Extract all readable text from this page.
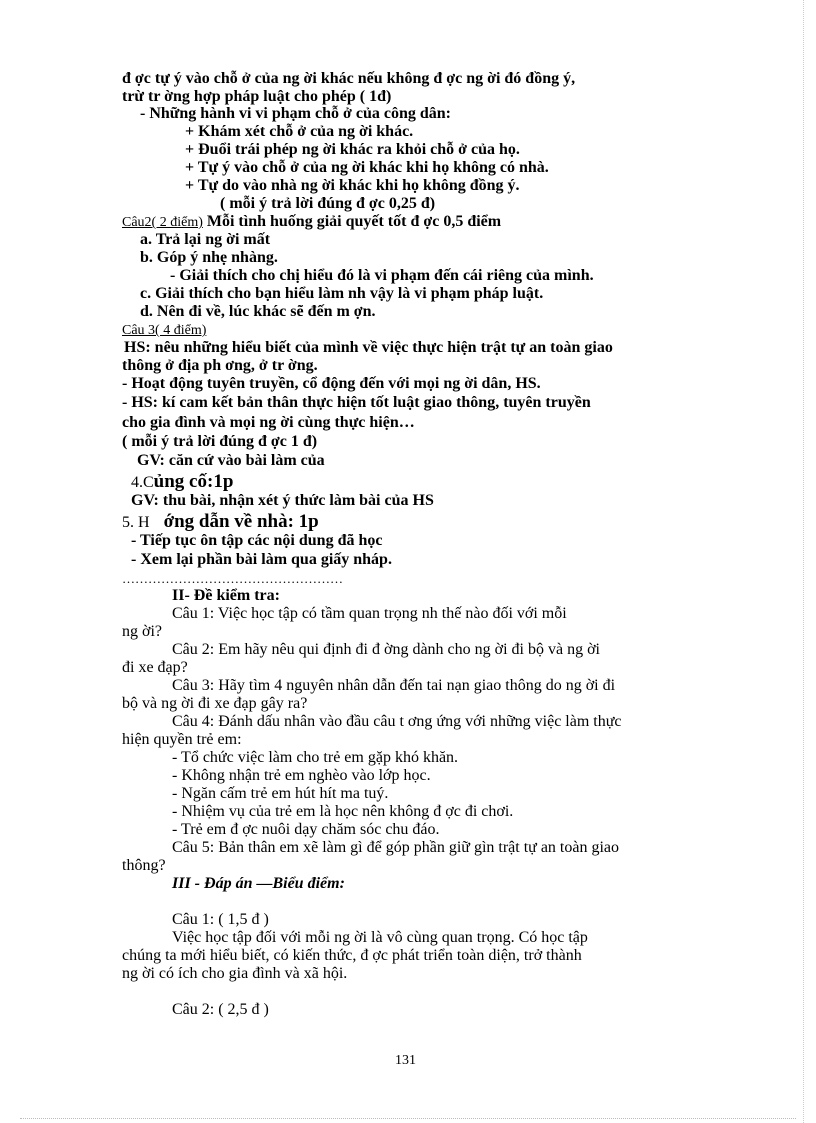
đ ợc tự ý vào chỗ ở của ng ời khác nếu không đ ợc ng ời đó đồng ý,
trừ tr ờng hợp pháp luật cho phép ( 1đ)
- Những hành vi vi phạm chỗ ở của công dân:
+ Khám xét chỗ ở của ng ời khác.
+ Đuổi trái phép ng ời khác ra khỏi chỗ ở của họ.
+ Tự ý vào chỗ ở của ng ời khác khi họ không có nhà.
+ Tự do vào nhà ng ời khác khi họ không đồng ý.
( mỗi ý trả lời đúng đ ợc 0,25 đ)
Câu2( 2 điểm) Mỗi tình huống giải quyết tốt đ ợc 0,5 điểm
a. Trả lại ng ời mất
b. Góp ý nhẹ nhàng.
- Giải thích cho chị hiểu đó là vi phạm đến cái riêng của mình.
c. Giải thích cho bạn hiểu làm nh vậy là vi phạm pháp luật.
d. Nên đi về, lúc khác sẽ đến m ợn.
Câu 3( 4 điểm)
HS: nêu những hiểu biết của mình về việc thực hiện trật tự an toàn giao
thông ở địa ph ơng, ở tr ờng.
- Hoạt động tuyên truyền, cổ động đến với mọi ng ời dân, HS.
- HS: kí cam kết bản thân thực hiện tốt luật giao thông, tuyên truyền
cho gia đình và mọi ng ời cùng thực hiện…
( mỗi ý trả lời đúng đ ợc 1 đ)
GV: căn cứ vào bài làm của
4.Củng cố:1p
GV: thu bài, nhận xét ý thức làm bài của HS
5. H ớng dẫn về nhà: 1p
- Tiếp tục ôn tập các nội dung đã học
- Xem lại phần bài làm qua giấy nháp.
……………………………………………
II- Đề kiểm tra:
Câu 1: Việc học tập có tầm quan trọng nh thế nào đối với mỗi
ng ời?
Câu 2: Em hãy nêu qui định đi đ ờng dành cho ng ời đi bộ và ng ời
đi xe đạp?
Câu 3: Hãy tìm 4 nguyên nhân dẫn đến tai nạn giao thông do ng ời đi
bộ và ng ời đi xe đạp gây ra?
Câu 4: Đánh dấu nhân vào đầu câu t ơng ứng với những việc làm thực
hiện quyền trẻ em:
- Tổ chức việc làm cho trẻ em gặp khó khăn.
- Không nhận trẻ em nghèo vào lớp học.
- Ngăn cấm trẻ em hút hít ma tuý.
- Nhiệm vụ của trẻ em là học nên không đ ợc đi chơi.
- Trẻ em đ ợc nuôi dạy chăm sóc chu đáo.
Câu 5: Bản thân em xẽ làm gì để góp phần giữ gìn trật tự an toàn giao
thông?
III - Đáp án —Biểu điểm:
Câu 1: ( 1,5 đ )
Việc học tập đối với mỗi ng ời là vô cùng quan trọng. Có học tập
chúng ta mới hiểu biết, có kiến thức, đ ợc phát triển toàn diện, trở thành
ng ời có ích cho gia đình và xã hội.
Câu 2: ( 2,5 đ )
131
